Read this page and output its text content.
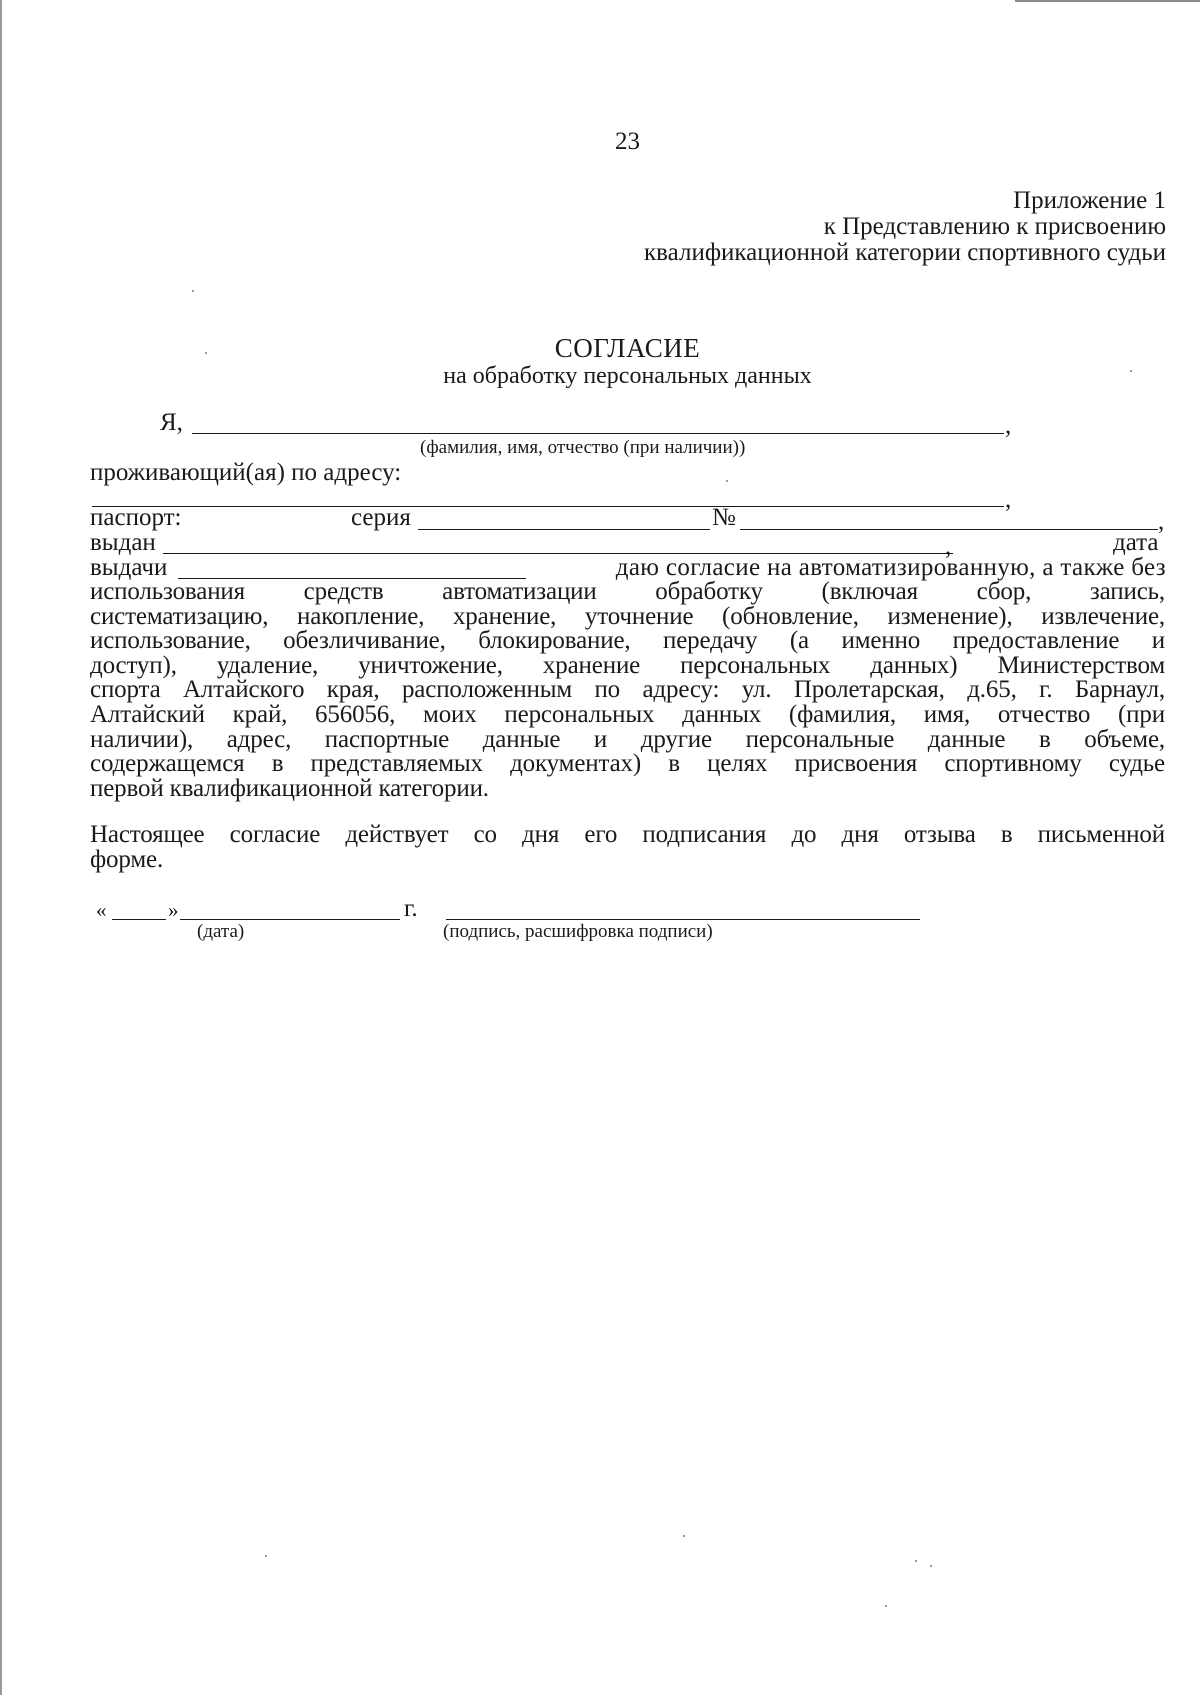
23
Приложение 1
к Представлению к присвоению
квалификационной категории спортивного судьи
СОГЛАСИЕ
на обработку персональных данных
Я,	,
(фамилия, имя, отчество (при наличии))
проживающий(ая) по адресу:
,
паспорт:	серия	№	,
выдан	,	дата
выдачи	даю согласие на автоматизированную, а также без
использования средств автоматизации обработку (включая сбор, запись,
систематизацию, накопление, хранение, уточнение (обновление, изменение), извлечение,
использование, обезличивание, блокирование, передачу (а именно предоставление и
доступ), удаление, уничтожение, хранение персональных данных) Министерством
спорта Алтайского края, расположенным по адресу: ул. Пролетарская, д.65, г. Барнаул,
Алтайский край, 656056, моих персональных данных (фамилия, имя, отчество (при
наличии), адрес, паспортные данные и другие персональные данные в объеме,
содержащемся в представляемых документах) в целях присвоения спортивному судье
первой квалификационной категории.
Настоящее согласие действует со дня его подписания до дня отзыва в письменной
форме.
«	»	г.
(дата)	(подпись, расшифровка подписи)
